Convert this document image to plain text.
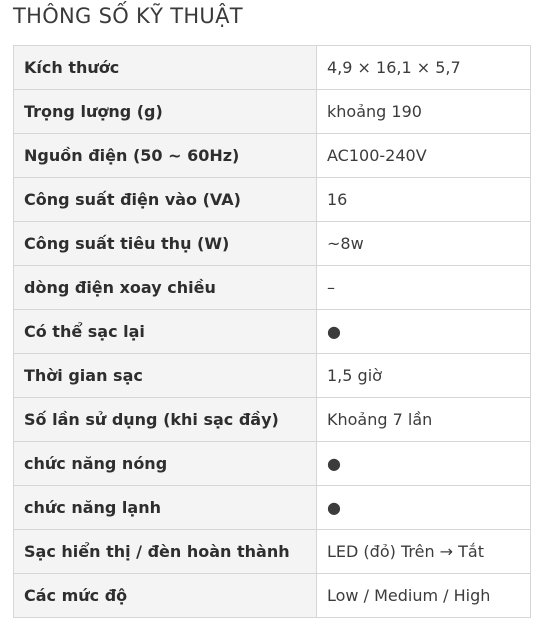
THÔNG SỐ KỸ THUẬT
Kích thước	4,9 × 16,1 × 5,7
Trọng lượng (g)	khoảng 190
Nguồn điện (50 ~ 60Hz)	AC100-240V
Công suất điện vào (VA)	16
Công suất tiêu thụ (W)	~8w
dòng điện xoay chiều	–
Có thể sạc lại	●
Thời gian sạc	1,5 giờ
Số lần sử dụng (khi sạc đầy)	Khoảng 7 lần
chức năng nóng	●
chức năng lạnh	●
Sạc hiển thị / đèn hoàn thành	LED (đỏ) Trên → Tắt
Các mức độ	Low / Medium / High
